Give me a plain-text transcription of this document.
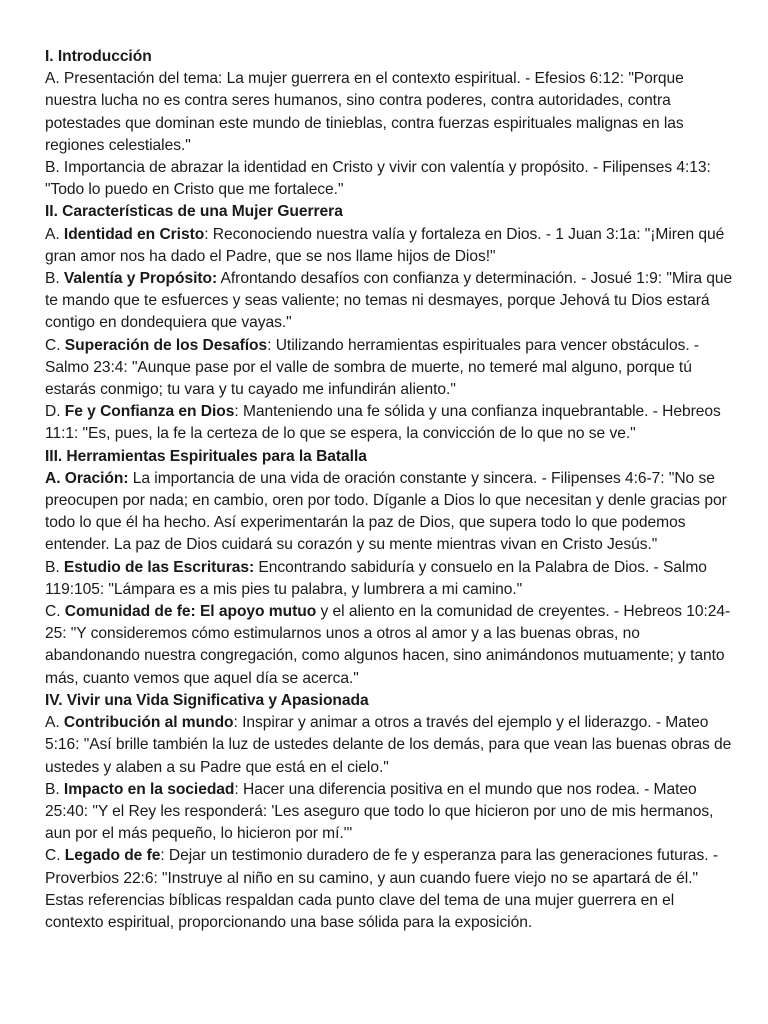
I. Introducción

A. Presentación del tema: La mujer guerrera en el contexto espiritual. - Efesios 6:12: "Porque nuestra lucha no es contra seres humanos, sino contra poderes, contra autoridades, contra potestades que dominan este mundo de tinieblas, contra fuerzas espirituales malignas en las regiones celestiales."

B. Importancia de abrazar la identidad en Cristo y vivir con valentía y propósito. - Filipenses 4:13: "Todo lo puedo en Cristo que me fortalece."

II. Características de una Mujer Guerrera

A. Identidad en Cristo: Reconociendo nuestra valía y fortaleza en Dios. - 1 Juan 3:1a: "¡Miren qué gran amor nos ha dado el Padre, que se nos llame hijos de Dios!"

B. Valentía y Propósito: Afrontando desafíos con confianza y determinación. - Josué 1:9: "Mira que te mando que te esfuerces y seas valiente; no temas ni desmayes, porque Jehová tu Dios estará contigo en dondequiera que vayas."

C. Superación de los Desafíos: Utilizando herramientas espirituales para vencer obstáculos. - Salmo 23:4: "Aunque pase por el valle de sombra de muerte, no temeré mal alguno, porque tú estarás conmigo; tu vara y tu cayado me infundirán aliento."

D. Fe y Confianza en Dios: Manteniendo una fe sólida y una confianza inquebrantable. - Hebreos 11:1: "Es, pues, la fe la certeza de lo que se espera, la convicción de lo que no se ve."

III. Herramientas Espirituales para la Batalla

A. Oración: La importancia de una vida de oración constante y sincera. - Filipenses 4:6-7: "No se preocupen por nada; en cambio, oren por todo. Díganle a Dios lo que necesitan y denle gracias por todo lo que él ha hecho. Así experimentarán la paz de Dios, que supera todo lo que podemos entender. La paz de Dios cuidará su corazón y su mente mientras vivan en Cristo Jesús."

B. Estudio de las Escrituras: Encontrando sabiduría y consuelo en la Palabra de Dios. - Salmo 119:105: "Lámpara es a mis pies tu palabra, y lumbrera a mi camino."

C. Comunidad de fe: El apoyo mutuo y el aliento en la comunidad de creyentes. - Hebreos 10:24-25: "Y consideremos cómo estimularnos unos a otros al amor y a las buenas obras, no abandonando nuestra congregación, como algunos hacen, sino animándonos mutuamente; y tanto más, cuanto vemos que aquel día se acerca."

IV. Vivir una Vida Significativa y Apasionada

A. Contribución al mundo: Inspirar y animar a otros a través del ejemplo y el liderazgo. - Mateo 5:16: "Así brille también la luz de ustedes delante de los demás, para que vean las buenas obras de ustedes y alaben a su Padre que está en el cielo."

B. Impacto en la sociedad: Hacer una diferencia positiva en el mundo que nos rodea. - Mateo 25:40: "Y el Rey les responderá: 'Les aseguro que todo lo que hicieron por uno de mis hermanos, aun por el más pequeño, lo hicieron por mí.'"

C. Legado de fe: Dejar un testimonio duradero de fe y esperanza para las generaciones futuras. - Proverbios 22:6: "Instruye al niño en su camino, y aun cuando fuere viejo no se apartará de él."

Estas referencias bíblicas respaldan cada punto clave del tema de una mujer guerrera en el contexto espiritual, proporcionando una base sólida para la exposición.
